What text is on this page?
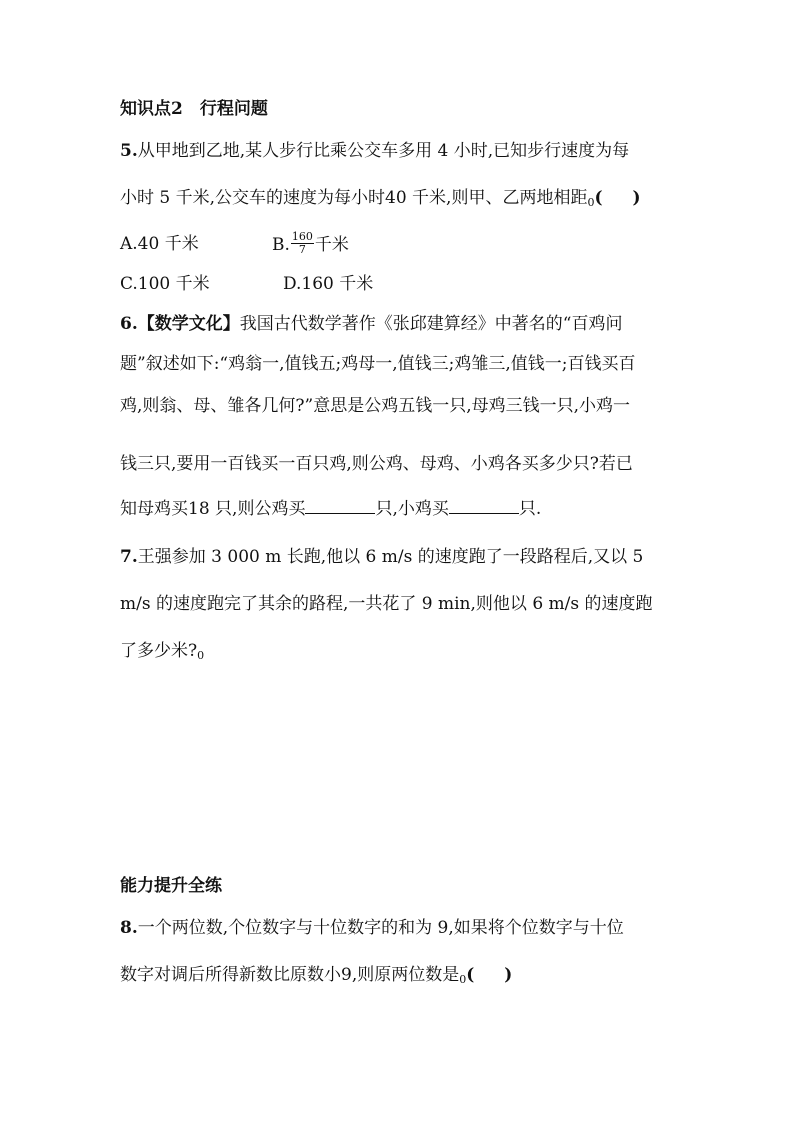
知识点2　行程问题
5.从甲地到乙地,某人步行比乘公交车多用 4 小时,已知步行速度为每
小时 5 千米,公交车的速度为每小时40 千米,则甲、乙两地相距0( )
A.40 千米	B. $\frac{160}{7}$ 千米
C.100 千米	D.160 千米
6.【数学文化】我国古代数学著作《张邱建算经》中著名的“百鸡问
题”叙述如下:“鸡翁一,值钱五;鸡母一,值钱三;鸡雏三,值钱一;百钱买百
鸡,则翁、母、雏各几何?”意思是公鸡五钱一只,母鸡三钱一只,小鸡一
钱三只,要用一百钱买一百只鸡,则公鸡、母鸡、小鸡各买多少只?若已
知母鸡买18 只,则公鸡买	只,小鸡买	只.
7.王强参加 3 000 m 长跑,他以 6 m/s 的速度跑了一段路程后,又以 5
m/s 的速度跑完了其余的路程,一共花了 9 min,则他以 6 m/s 的速度跑
了多少米?0
能力提升全练
8.一个两位数,个位数字与十位数字的和为 9,如果将个位数字与十位
数字对调后所得新数比原数小9,则原两位数是0( )
